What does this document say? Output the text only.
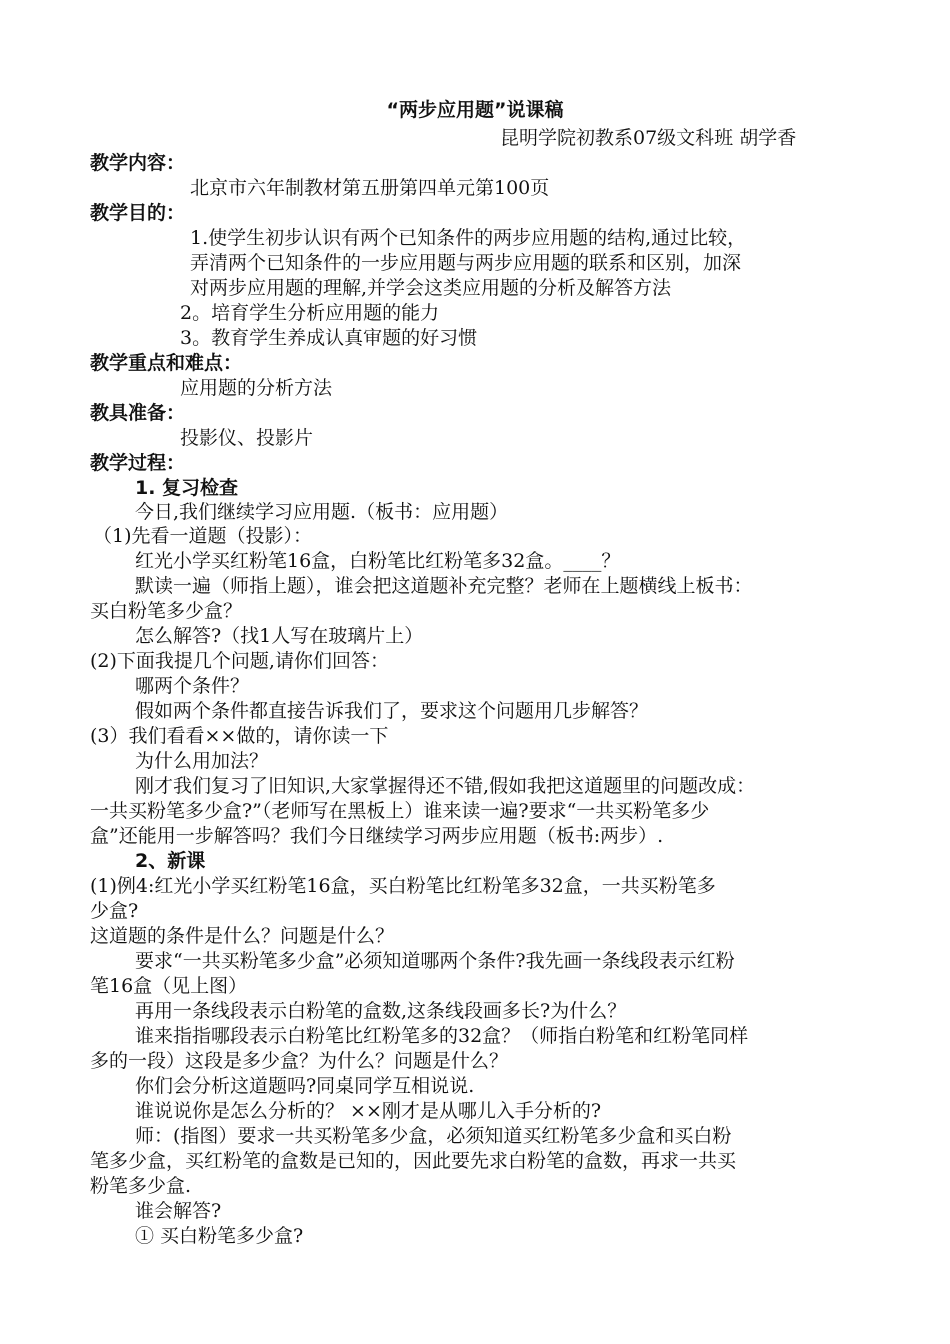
“两步应用题”说课稿
昆明学院初教系07级文科班 胡学香
教学内容：
北京市六年制教材第五册第四单元第100页
教学目的：
1.使学生初步认识有两个已知条件的两步应用题的结构,通过比较，
弄清两个已知条件的一步应用题与两步应用题的联系和区别，加深
对两步应用题的理解,并学会这类应用题的分析及解答方法
2。培育学生分析应用题的能力
3。教育学生养成认真审题的好习惯
教学重点和难点：
应用题的分析方法
教具准备：
投影仪、投影片
教学过程：
1. 复习检查
今日,我们继续学习应用题.（板书：应用题）
（1)先看一道题（投影）：
红光小学买红粉笔16盒，白粉笔比红粉笔多32盒。____？
默读一遍（师指上题），谁会把这道题补充完整？老师在上题横线上板书：
买白粉笔多少盒？
怎么解答?（找1人写在玻璃片上）
(2)下面我提几个问题,请你们回答：
哪两个条件？
假如两个条件都直接告诉我们了，要求这个问题用几步解答？
(3）我们看看××做的，请你读一下
为什么用加法？
刚才我们复习了旧知识,大家掌握得还不错,假如我把这道题里的问题改成：
一共买粉笔多少盒?”（老师写在黑板上）谁来读一遍?要求“一共买粉笔多少
盒”还能用一步解答吗？我们今日继续学习两步应用题（板书:两步）.
2、新课
(1)例4:红光小学买红粉笔16盒，买白粉笔比红粉笔多32盒，一共买粉笔多
少盒?
这道题的条件是什么？问题是什么？
要求“一共买粉笔多少盒”必须知道哪两个条件?我先画一条线段表示红粉
笔16盒（见上图）
再用一条线段表示白粉笔的盒数,这条线段画多长?为什么？
谁来指指哪段表示白粉笔比红粉笔多的32盒？（师指白粉笔和红粉笔同样
多的一段）这段是多少盒？为什么？问题是什么？
你们会分析这道题吗?同桌同学互相说说.
谁说说你是怎么分析的？ ××刚才是从哪儿入手分析的?
师：(指图）要求一共买粉笔多少盒，必须知道买红粉笔多少盒和买白粉
笔多少盒，买红粉笔的盒数是已知的，因此要先求白粉笔的盒数，再求一共买
粉笔多少盒.
谁会解答?
① 买白粉笔多少盒?
